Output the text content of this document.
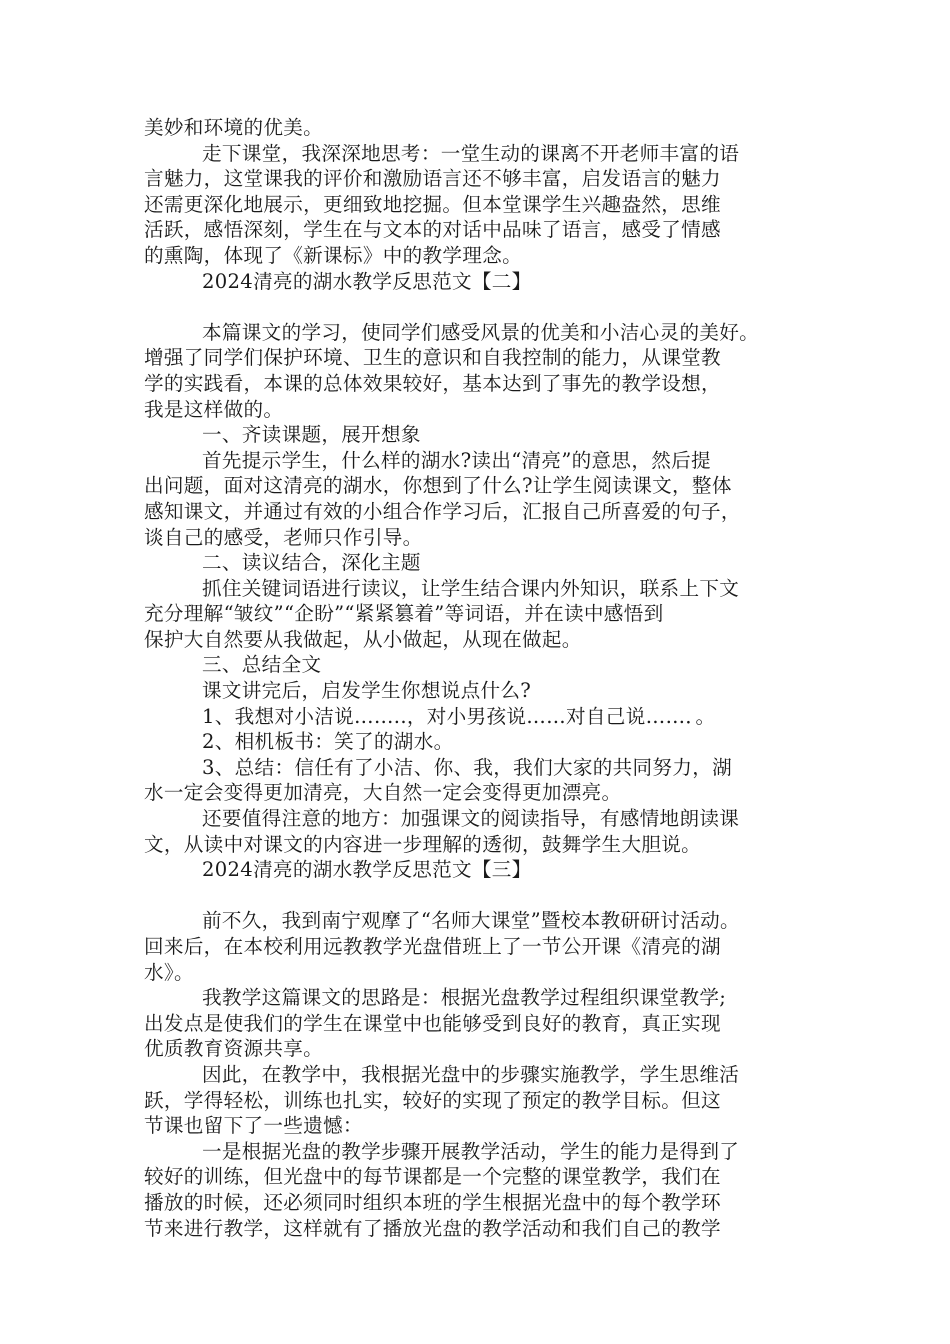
美妙和环境的优美。
走下课堂，我深深地思考：一堂生动的课离不开老师丰富的语
言魅力，这堂课我的评价和激励语言还不够丰富，启发语言的魅力
还需更深化地展示，更细致地挖掘。但本堂课学生兴趣盎然，思维
活跃，感悟深刻，学生在与文本的对话中品味了语言，感受了情感
的熏陶，体现了《新课标》中的教学理念。
2024清亮的湖水教学反思范文【二】
本篇课文的学习，使同学们感受风景的优美和小洁心灵的美好。
增强了同学们保护环境、卫生的意识和自我控制的能力，从课堂教
学的实践看，本课的总体效果较好，基本达到了事先的教学设想，
我是这样做的。
一、齐读课题，展开想象
首先提示学生，什么样的湖水?读出“清亮”的意思，然后提
出问题，面对这清亮的湖水，你想到了什么?让学生阅读课文，整体
感知课文，并通过有效的小组合作学习后，汇报自己所喜爱的句子，
谈自己的感受，老师只作引导。
二、读议结合，深化主题
抓住关键词语进行读议，让学生结合课内外知识，联系上下文
充分理解“皱纹”“企盼”“紧紧篡着”等词语，并在读中感悟到
保护大自然要从我做起，从小做起，从现在做起。
三、总结全文
课文讲完后，启发学生你想说点什么?
1、我想对小洁说……..，对小男孩说……对自己说……．。
2、相机板书：笑了的湖水。
3、总结：信任有了小洁、你、我，我们大家的共同努力，湖
水一定会变得更加清亮，大自然一定会变得更加漂亮。
还要值得注意的地方：加强课文的阅读指导，有感情地朗读课
文，从读中对课文的内容进一步理解的透彻，鼓舞学生大胆说。
2024清亮的湖水教学反思范文【三】
前不久，我到南宁观摩了“名师大课堂”暨校本教研研讨活动。
回来后，在本校利用远教教学光盘借班上了一节公开课《清亮的湖
水》。
我教学这篇课文的思路是：根据光盘教学过程组织课堂教学;
出发点是使我们的学生在课堂中也能够受到良好的教育，真正实现
优质教育资源共享。
因此，在教学中，我根据光盘中的步骤实施教学，学生思维活
跃，学得轻松，训练也扎实，较好的实现了预定的教学目标。但这
节课也留下了一些遗憾：
一是根据光盘的教学步骤开展教学活动，学生的能力是得到了
较好的训练，但光盘中的每节课都是一个完整的课堂教学，我们在
播放的时候，还必须同时组织本班的学生根据光盘中的每个教学环
节来进行教学，这样就有了播放光盘的教学活动和我们自己的教学
